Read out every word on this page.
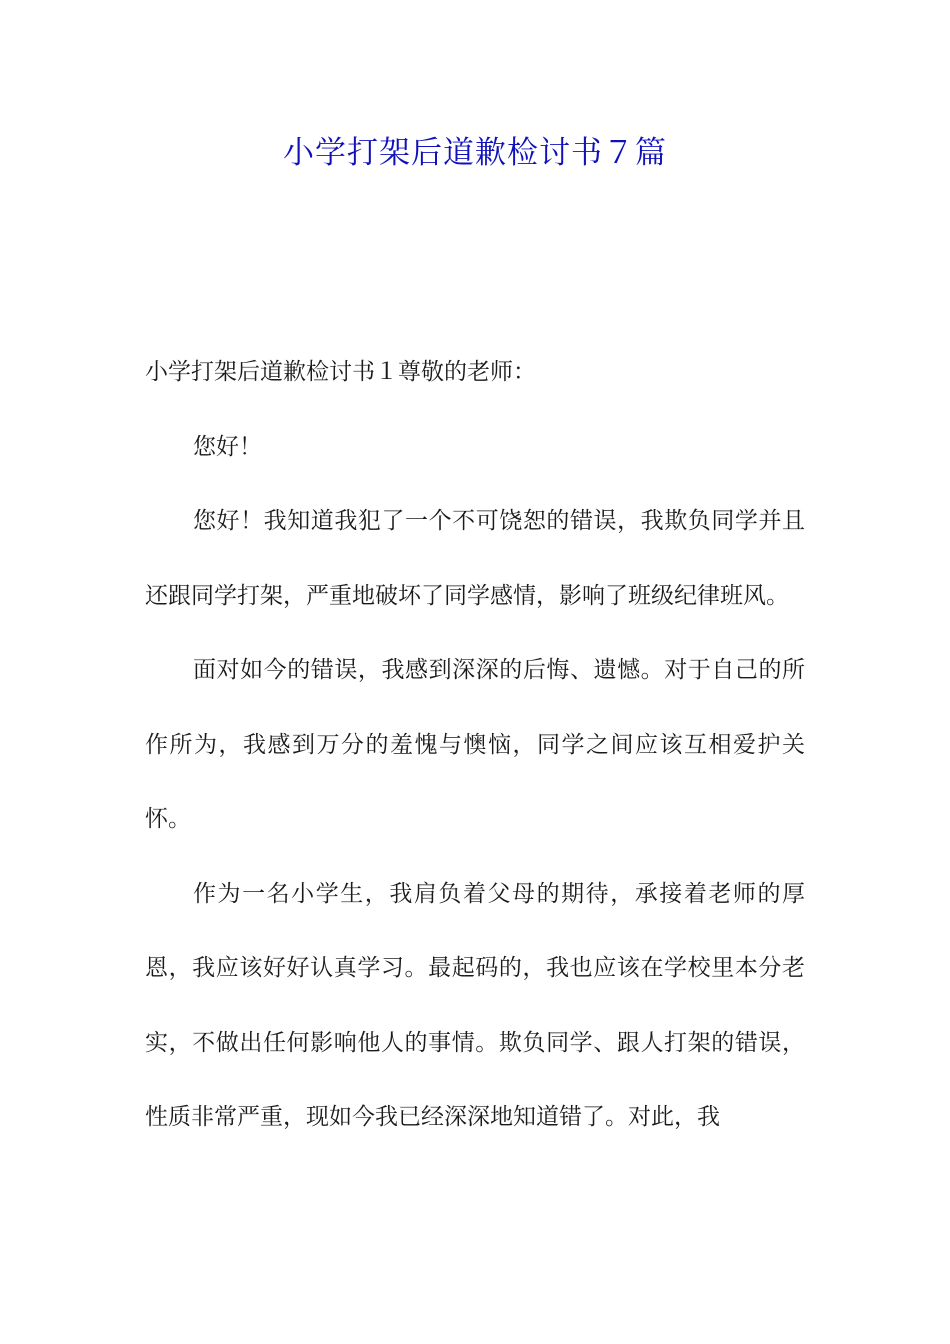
小学打架后道歉检讨书７篇

小学打架后道歉检讨书１尊敬的老师：

您好！

您好！我知道我犯了一个不可饶恕的错误，我欺负同学并且还跟同学打架，严重地破坏了同学感情，影响了班级纪律班风。

面对如今的错误，我感到深深的后悔、遗憾。对于自己的所作所为，我感到万分的羞愧与懊恼，同学之间应该互相爱护关怀。

作为一名小学生，我肩负着父母的期待，承接着老师的厚恩，我应该好好认真学习。最起码的，我也应该在学校里本分老实，不做出任何影响他人的事情。欺负同学、跟人打架的错误，性质非常严重，现如今我已经深深地知道错了。对此，我
